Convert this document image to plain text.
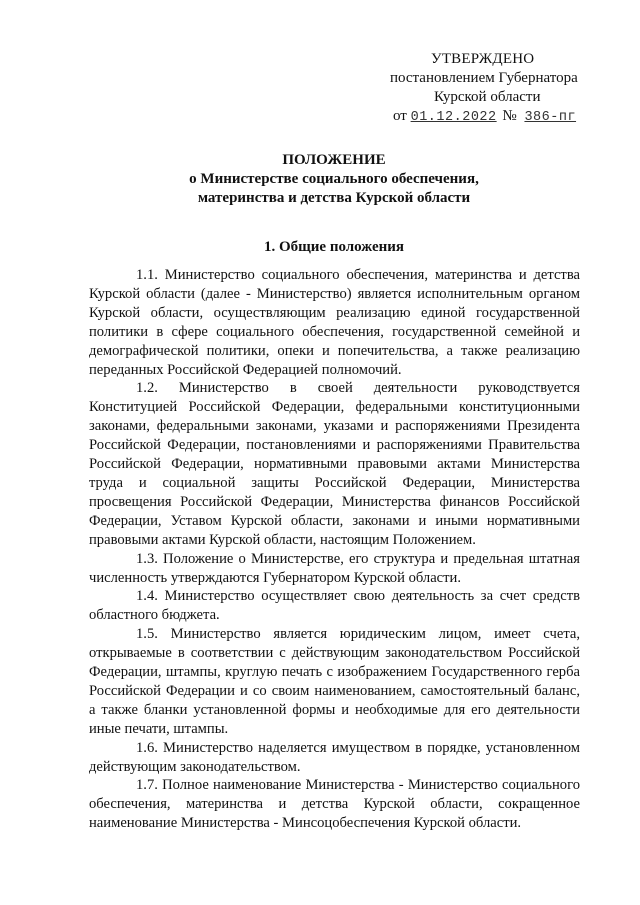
УТВЕРЖДЕНО
постановлением Губернатора
Курской области
от 01.12.2022 № 386-пг
ПОЛОЖЕНИЕ
о Министерстве социального обеспечения,
материнства и детства Курской области
1. Общие положения

1.1. Министерство социального обеспечения, материнства и детства Курской области (далее - Министерство) является исполнительным органом Курской области, осуществляющим реализацию единой государственной политики в сфере социального обеспечения, государственной семейной и демографической политики, опеки и попечительства, а также реализацию переданных Российской Федерацией полномочий.

1.2. Министерство в своей деятельности руководствуется Конституцией Российской Федерации, федеральными конституционными законами, федеральными законами, указами и распоряжениями Президента Российской Федерации, постановлениями и распоряжениями Правительства Российской Федерации, нормативными правовыми актами Министерства труда и социальной защиты Российской Федерации, Министерства просвещения Российской Федерации, Министерства финансов Российской Федерации, Уставом Курской области, законами и иными нормативными правовыми актами Курской области, настоящим Положением.

1.3. Положение о Министерстве, его структура и предельная штатная численность утверждаются Губернатором Курской области.

1.4. Министерство осуществляет свою деятельность за счет средств областного бюджета.

1.5. Министерство является юридическим лицом, имеет счета, открываемые в соответствии с действующим законодательством Российской Федерации, штампы, круглую печать с изображением Государственного герба Российской Федерации и со своим наименованием, самостоятельный баланс, а также бланки установленной формы и необходимые для его деятельности иные печати, штампы.

1.6. Министерство наделяется имуществом в порядке, установленном действующим законодательством.

1.7. Полное наименование Министерства - Министерство социального обеспечения, материнства и детства Курской области, сокращенное наименование Министерства - Минсоцобеспечения Курской области.
